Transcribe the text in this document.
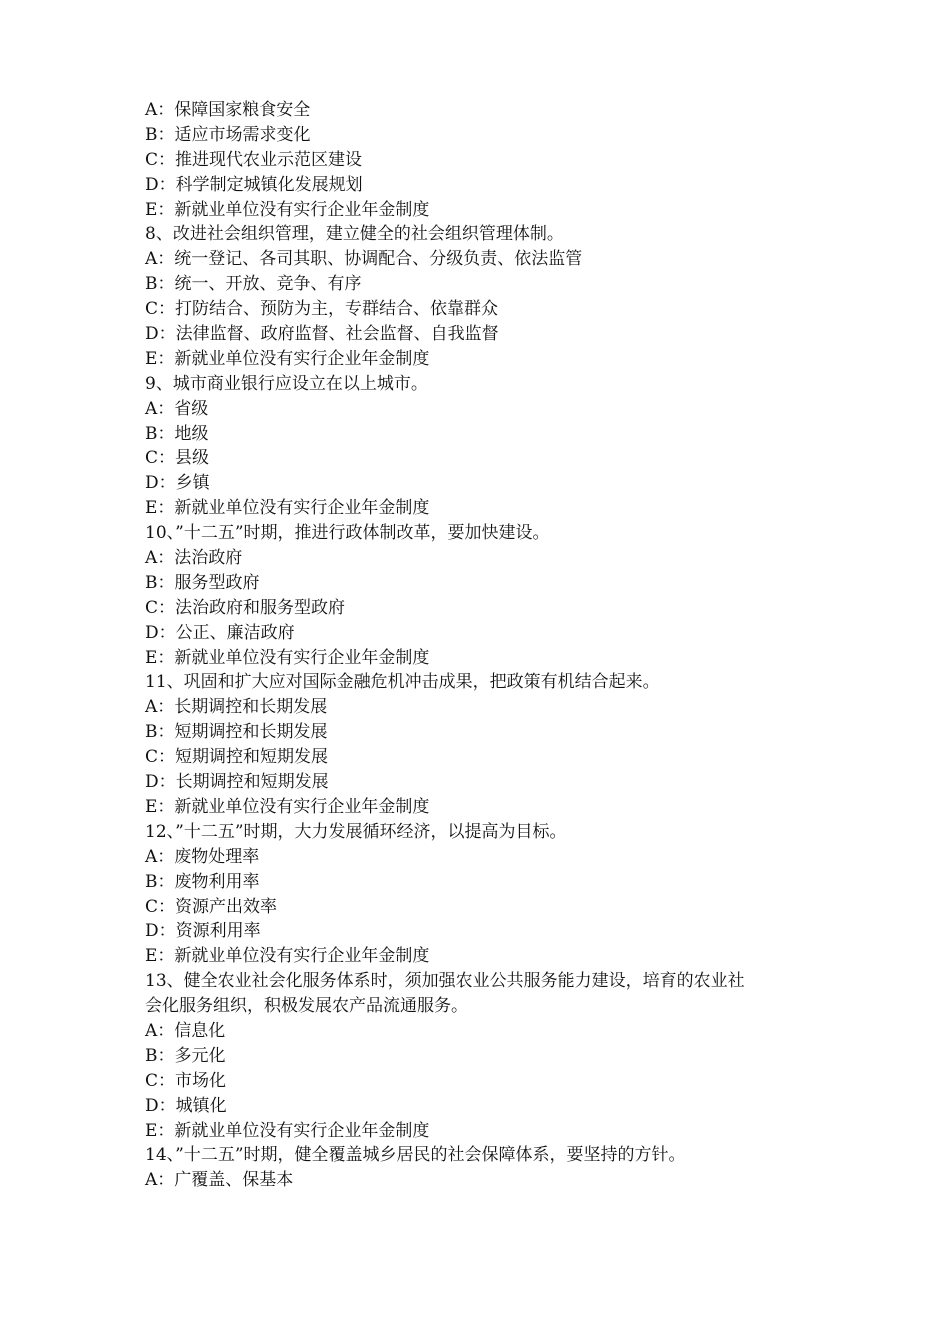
A：保障国家粮食安全
B：适应市场需求变化
C：推进现代农业示范区建设
D：科学制定城镇化发展规划
E：新就业单位没有实行企业年金制度
8、改进社会组织管理，建立健全的社会组织管理体制。
A：统一登记、各司其职、协调配合、分级负责、依法监管
B：统一、开放、竞争、有序
C：打防结合、预防为主，专群结合、依靠群众
D：法律监督、政府监督、社会监督、自我监督
E：新就业单位没有实行企业年金制度
9、城市商业银行应设立在以上城市。
A：省级
B：地级
C：县级
D：乡镇
E：新就业单位没有实行企业年金制度
10、”十二五”时期，推进行政体制改革，要加快建设。
A：法治政府
B：服务型政府
C：法治政府和服务型政府
D：公正、廉洁政府
E：新就业单位没有实行企业年金制度
11、巩固和扩大应对国际金融危机冲击成果，把政策有机结合起来。
A：长期调控和长期发展
B：短期调控和长期发展
C：短期调控和短期发展
D：长期调控和短期发展
E：新就业单位没有实行企业年金制度
12、”十二五”时期，大力发展循环经济，以提高为目标。
A：废物处理率
B：废物利用率
C：资源产出效率
D：资源利用率
E：新就业单位没有实行企业年金制度
13、健全农业社会化服务体系时，须加强农业公共服务能力建设，培育的农业社
会化服务组织，积极发展农产品流通服务。
A：信息化
B：多元化
C：市场化
D：城镇化
E：新就业单位没有实行企业年金制度
14、”十二五”时期，健全覆盖城乡居民的社会保障体系，要坚持的方针。
A：广覆盖、保基本
